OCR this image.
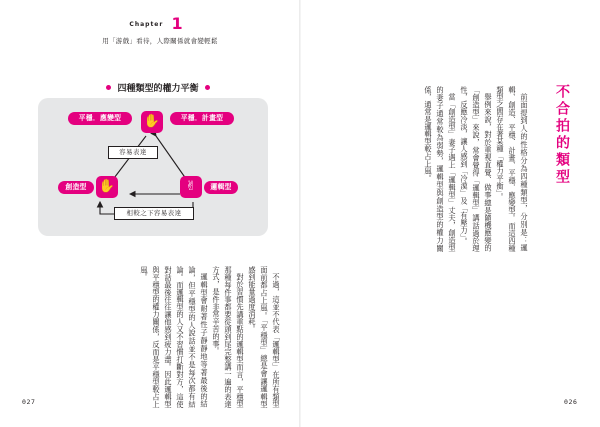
Chapter 1
用「游戲」看待，人際關係就會變輕鬆
四種類型的權力平衡
平穩．應變型	平穩．計畫型
✋
容易表達
✋
創造型	✌	邏輯型
相較之下容易表達
不合拍的類型

前面提到人的性格分為四種類型，分別是：邏輯、創造、平穩．計畫、平穩．應變型。而這四種類型之間存在著某種「權力平衡」。

舉例來說，對於重視直覺、做事總是隨機應變的「創造型」來說，常會覺得「邏輯型」講話過於理性，反應冷淡，讓人感到「冷漠」及「有壓力」。

當「創造型」妻子遇上「邏輯型」丈夫，創造型的妻子通常較為弱勢，邏輯型與創造型的權力關係，通常是邏輯型較占上風。

不過，這並不代表「邏輯型」在所有類型面前都占上風。「平穩型」總是會讓邏輯型感到能量過度消耗。

對於習慣先講重點的邏輯型而言，平穩型那種每件事都要從頭到尾完整講一遍的表達方式，是件非常辛苦的事。

邏輯型會耐著性子靜靜地等著最後的結論，但平穩型的人說話並不是每次都有結論。而邏輯型的人又不習慣打斷對方，這使對話最後往往讓他感到疲力盡。因此邏輯型與平穩型的權力關係，反而是平穩型較占上風。

027	026
